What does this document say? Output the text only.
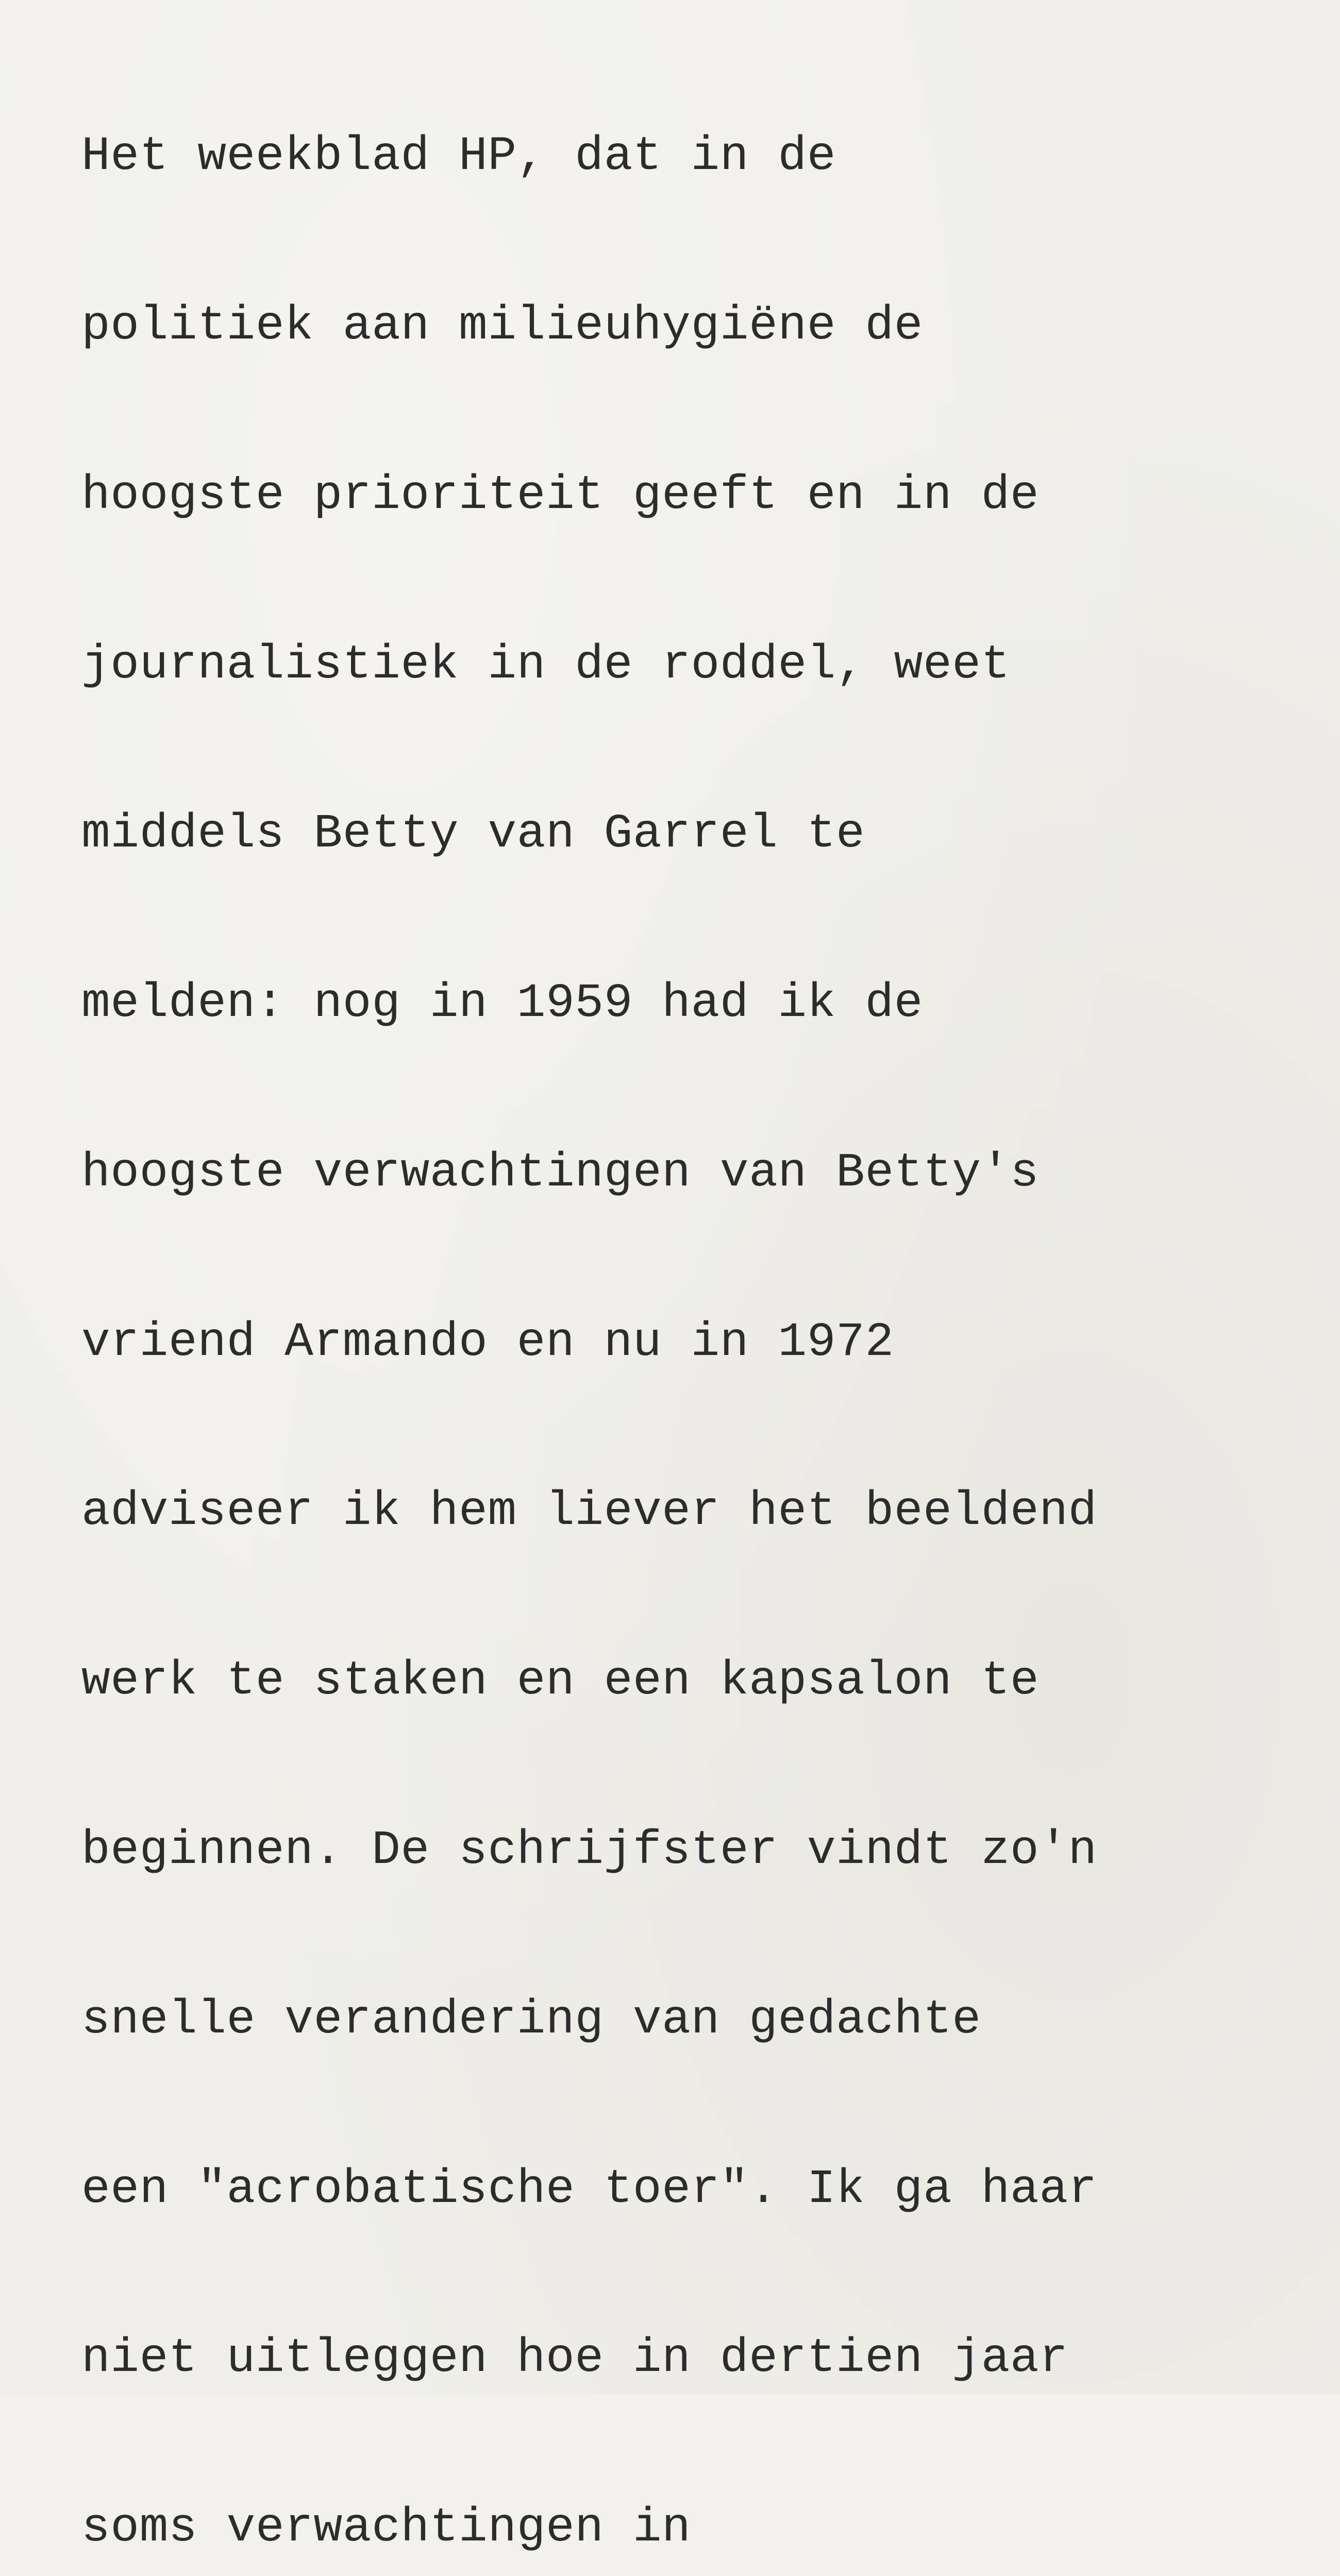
Het weekblad HP, dat in de

politiek aan milieuhygiëne de

hoogste prioriteit geeft en in de

journalistiek in de roddel, weet

middels Betty van Garrel te

melden: nog in 1959 had ik de

hoogste verwachtingen van Betty's

vriend Armando en nu in 1972

adviseer ik hem liever het beeldend

werk te staken en een kapsalon te

beginnen. De schrijfster vindt zo'n

snelle verandering van gedachte

een "acrobatische toer". Ik ga haar

niet uitleggen hoe in dertien jaar

soms verwachtingen in
